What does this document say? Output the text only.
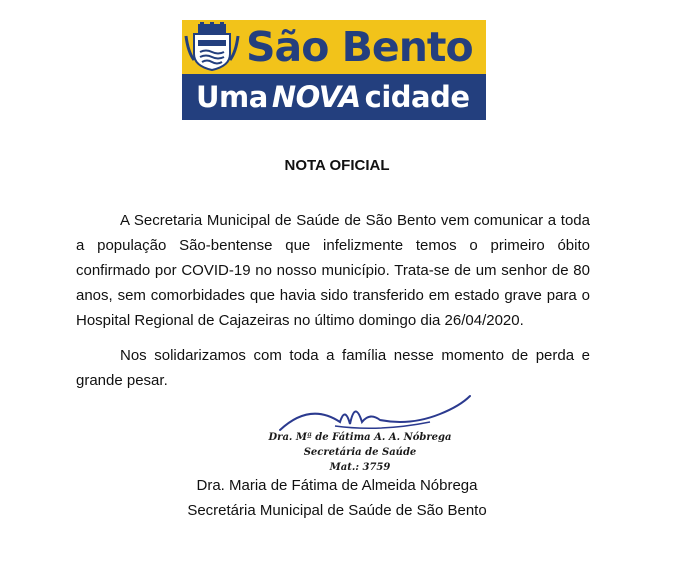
São Bento
Uma NOVA cidade
NOTA OFICIAL

A Secretaria Municipal de Saúde de São Bento vem comunicar a toda a população São-bentense que infelizmente temos o primeiro óbito confirmado por COVID-19 no nosso município. Trata-se de um senhor de 80 anos, sem comorbidades que havia sido transferido em estado grave para o Hospital Regional de Cajazeiras no último domingo dia 26/04/2020.

Nos solidarizamos com toda a família nesse momento de perda e grande pesar.

Dra. Mª de Fátima A. A. Nóbrega
Secretária de Saúde
Mat.: 3759
Dra. Maria de Fátima de Almeida Nóbrega
Secretária Municipal de Saúde de São Bento
